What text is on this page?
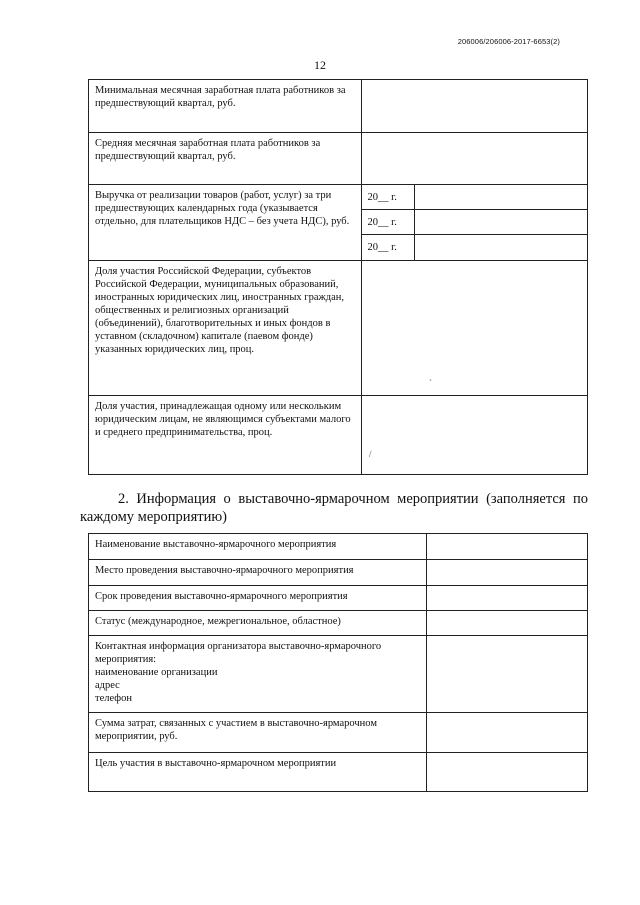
206006/206006-2017-6653(2)
12
Минимальная месячная заработная плата работников за предшествующий квартал, руб.		
Средняя месячная заработная плата работников за предшествующий квартал, руб.		
Выручка от реализации товаров (работ, услуг) за три предшествующих календарных года (указывается отдельно, для плательщиков НДС – без учета НДС), руб.	20__ г.	
	20__ г.	
	20__ г.	
Доля участия Российской Федерации, субъектов Российской Федерации, муниципальных образований, иностранных юридических лиц, иностранных граждан, общественных и религиозных организаций (объединений), благотворительных и иных фондов в уставном (складочном) капитале (паевом фонде) указанных юридических лиц, проц.		
Доля участия, принадлежащая одному или нескольким юридическим лицам, не являющимся субъектами малого и среднего предпринимательства, проц.		
ˋ
/
2. Информация о выставочно-ярмарочном мероприятии (заполняется по каждому мероприятию)
Наименование выставочно-ярмарочного мероприятия	
Место проведения выставочно-ярмарочного мероприятия	
Срок проведения выставочно-ярмарочного мероприятия	
Статус (международное, межрегиональное, областное)	

Контактная информация организатора выставочно-ярмарочного мероприятия:
наименование организации
адрес
телефон	

Сумма затрат, связанных с участием в выставочно-ярмарочном мероприятии, руб.	
Цель участия в выставочно-ярмарочном мероприятии	
